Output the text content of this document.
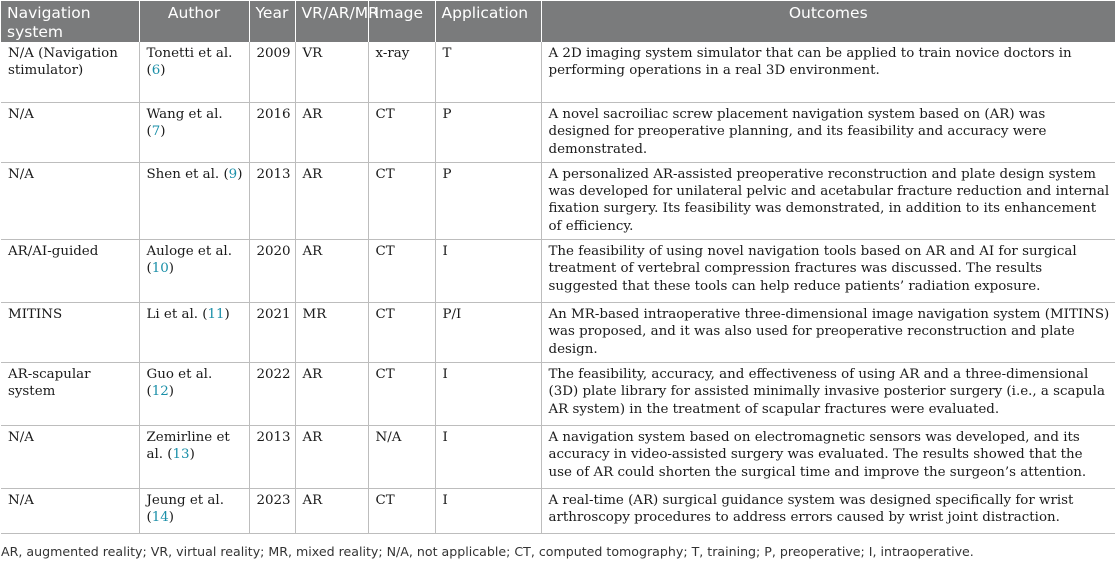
Navigation system	Author	Year	VR/AR/MR	Image	Application	Outcomes
N/A (Navigation stimulator)	Tonetti et al. (6)	2009	VR	x-ray	T	A 2D imaging system simulator that can be applied to train novice doctors in performing operations in a real 3D environment.
N/A	Wang et al. (7)	2016	AR	CT	P	A novel sacroiliac screw placement navigation system based on (AR) was designed for preoperative planning, and its feasibility and accuracy were demonstrated.
N/A	Shen et al. (9)	2013	AR	CT	P	A personalized AR-assisted preoperative reconstruction and plate design system was developed for unilateral pelvic and acetabular fracture reduction and internal fixation surgery. Its feasibility was demonstrated, in addition to its enhancement of efficiency.
AR/AI-guided	Auloge et al. (10)	2020	AR	CT	I	The feasibility of using novel navigation tools based on AR and AI for surgical treatment of vertebral compression fractures was discussed. The results suggested that these tools can help reduce patients’ radiation exposure.
MITINS	Li et al. (11)	2021	MR	CT	P/I	An MR-based intraoperative three-dimensional image navigation system (MITINS) was proposed, and it was also used for preoperative reconstruction and plate design.
AR-scapular system	Guo et al. (12)	2022	AR	CT	I	The feasibility, accuracy, and effectiveness of using AR and a three-dimensional (3D) plate library for assisted minimally invasive posterior surgery (i.e., a scapula AR system) in the treatment of scapular fractures were evaluated.
N/A	Zemirline et al. (13)	2013	AR	N/A	I	A navigation system based on electromagnetic sensors was developed, and its accuracy in video-assisted surgery was evaluated. The results showed that the use of AR could shorten the surgical time and improve the surgeon’s attention.
N/A	Jeung et al. (14)	2023	AR	CT	I	A real-time (AR) surgical guidance system was designed specifically for wrist arthroscopy procedures to address errors caused by wrist joint distraction.
AR, augmented reality; VR, virtual reality; MR, mixed reality; N/A, not applicable; CT, computed tomography; T, training; P, preoperative; I, intraoperative.
